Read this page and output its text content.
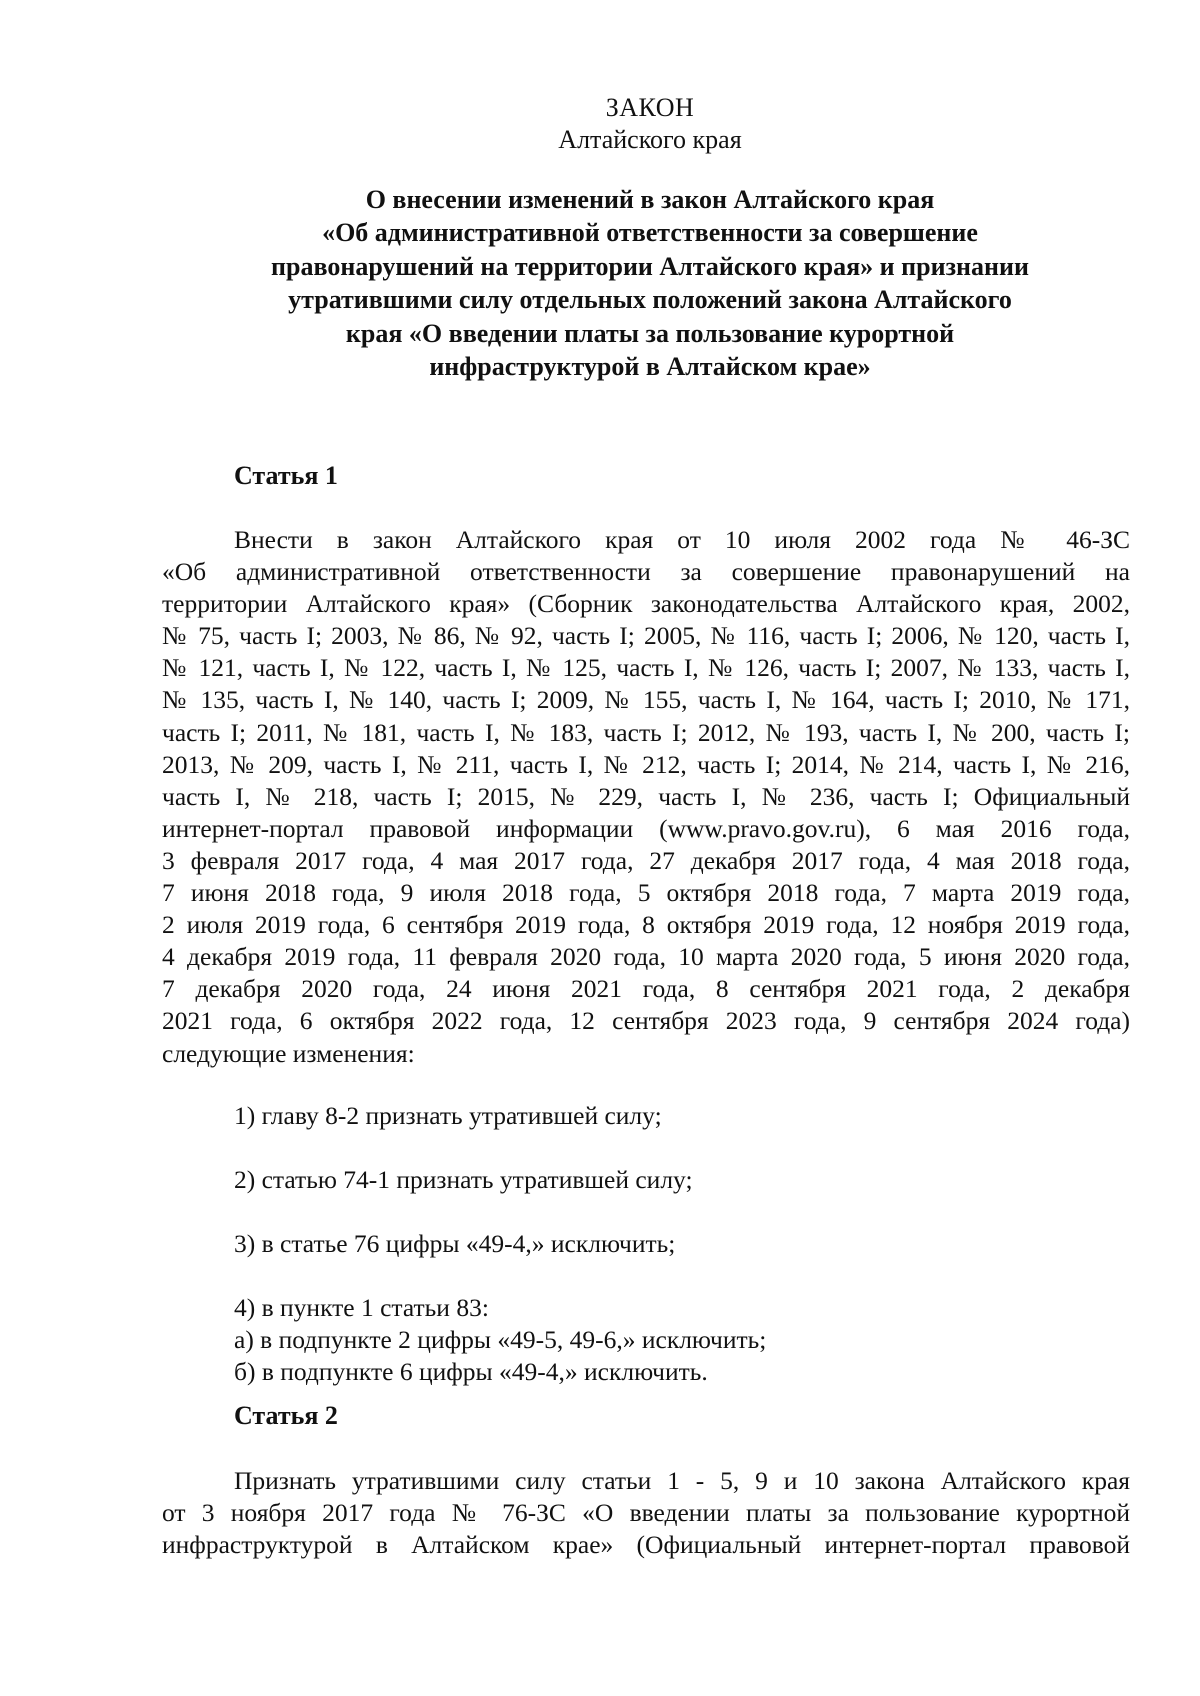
ЗАКОН
Алтайского края
О внесении изменений в закон Алтайского края
«Об административной ответственности за совершение
правонарушений на территории Алтайского края» и признании
утратившими силу отдельных положений закона Алтайского
края «О введении платы за пользование курортной
инфраструктурой в Алтайском крае»
Статья 1
Внести в закон Алтайского края от 10 июля 2002 года № 46-ЗС
«Об административной ответственности за совершение правонарушений на
территории Алтайского края» (Сборник законодательства Алтайского края, 2002,
№ 75, часть I; 2003, № 86, № 92, часть I; 2005, № 116, часть I; 2006, № 120, часть I,
№ 121, часть I, № 122, часть I, № 125, часть I, № 126, часть I; 2007, № 133, часть I,
№ 135, часть I, № 140, часть I; 2009, № 155, часть I, № 164, часть I; 2010, № 171,
часть I; 2011, № 181, часть I, № 183, часть I; 2012, № 193, часть I, № 200, часть I;
2013, № 209, часть I, № 211, часть I, № 212, часть I; 2014, № 214, часть I, № 216,
часть I, № 218, часть I; 2015, № 229, часть I, № 236, часть I; Официальный
интернет-портал правовой информации (www.pravo.gov.ru), 6 мая 2016 года,
3 февраля 2017 года, 4 мая 2017 года, 27 декабря 2017 года, 4 мая 2018 года,
7 июня 2018 года, 9 июля 2018 года, 5 октября 2018 года, 7 марта 2019 года,
2 июля 2019 года, 6 сентября 2019 года, 8 октября 2019 года, 12 ноября 2019 года,
4 декабря 2019 года, 11 февраля 2020 года, 10 марта 2020 года, 5 июня 2020 года,
7 декабря 2020 года, 24 июня 2021 года, 8 сентября 2021 года, 2 декабря
2021 года, 6 октября 2022 года, 12 сентября 2023 года, 9 сентября 2024 года)
следующие изменения:
1) главу 8-2 признать утратившей силу;
2) статью 74-1 признать утратившей силу;
3) в статье 76 цифры «49-4,» исключить;
4) в пункте 1 статьи 83:
а) в подпункте 2 цифры «49-5, 49-6,» исключить;
б) в подпункте 6 цифры «49-4,» исключить.
Статья 2
Признать утратившими силу статьи 1 - 5, 9 и 10 закона Алтайского края
от 3 ноября 2017 года № 76-ЗС «О введении платы за пользование курортной
инфраструктурой в Алтайском крае» (Официальный интернет-портал правовой
